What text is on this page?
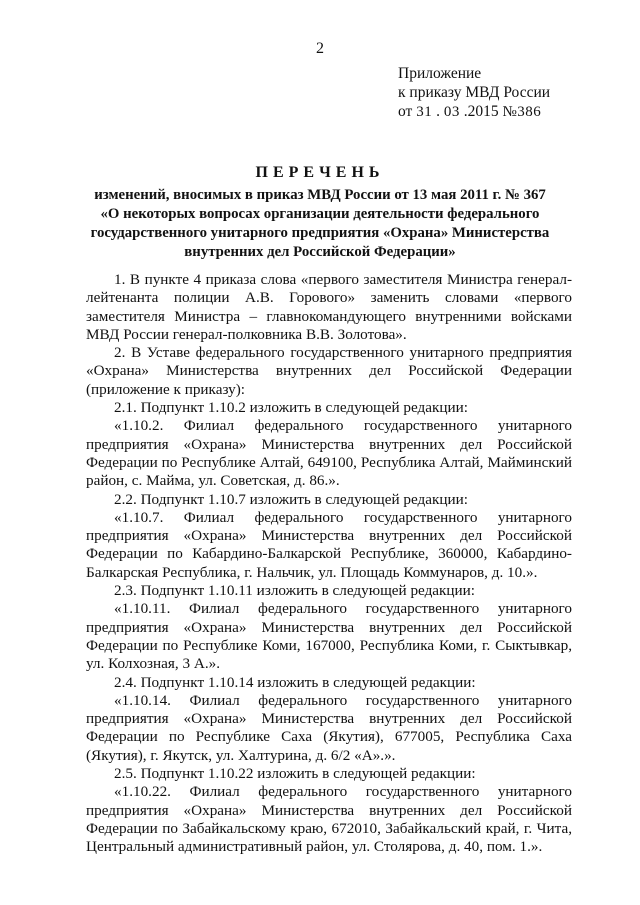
2
Приложение
к приказу МВД России
от 31 . 03 .2015 №386
ПЕРЕЧЕНЬ
изменений, вносимых в приказ МВД России от 13 мая 2011 г. № 367
«О некоторых вопросах организации деятельности федерального
государственного унитарного предприятия «Охрана» Министерства
внутренних дел Российской Федерации»

1. В пункте 4 приказа слова «первого заместителя Министра генерал-лейтенанта полиции А.В. Горового» заменить словами «первого заместителя Министра – главнокомандующего внутренними войсками МВД России генерал-полковника В.В. Золотова».

2. В Уставе федерального государственного унитарного предприятия «Охрана» Министерства внутренних дел Российской Федерации (приложение к приказу):

2.1. Подпункт 1.10.2 изложить в следующей редакции:

«1.10.2. Филиал федерального государственного унитарного предприятия «Охрана» Министерства внутренних дел Российской Федерации по Республике Алтай, 649100, Республика Алтай, Майминский район, с. Майма, ул. Советская, д. 86.».

2.2. Подпункт 1.10.7 изложить в следующей редакции:

«1.10.7. Филиал федерального государственного унитарного предприятия «Охрана» Министерства внутренних дел Российской Федерации по Кабардино-Балкарской Республике, 360000, Кабардино-Балкарская Республика, г. Нальчик, ул. Площадь Коммунаров, д. 10.».

2.3. Подпункт 1.10.11 изложить в следующей редакции:

«1.10.11. Филиал федерального государственного унитарного предприятия «Охрана» Министерства внутренних дел Российской Федерации по Республике Коми, 167000, Республика Коми, г. Сыктывкар, ул. Колхозная, 3 А.».

2.4. Подпункт 1.10.14 изложить в следующей редакции:

«1.10.14. Филиал федерального государственного унитарного предприятия «Охрана» Министерства внутренних дел Российской Федерации по Республике Саха (Якутия), 677005, Республика Саха (Якутия), г. Якутск, ул. Халтурина, д. 6/2 «А».».

2.5. Подпункт 1.10.22 изложить в следующей редакции:

«1.10.22. Филиал федерального государственного унитарного предприятия «Охрана» Министерства внутренних дел Российской Федерации по Забайкальскому краю, 672010, Забайкальский край, г. Чита, Центральный административный район, ул. Столярова, д. 40, пом. 1.».
